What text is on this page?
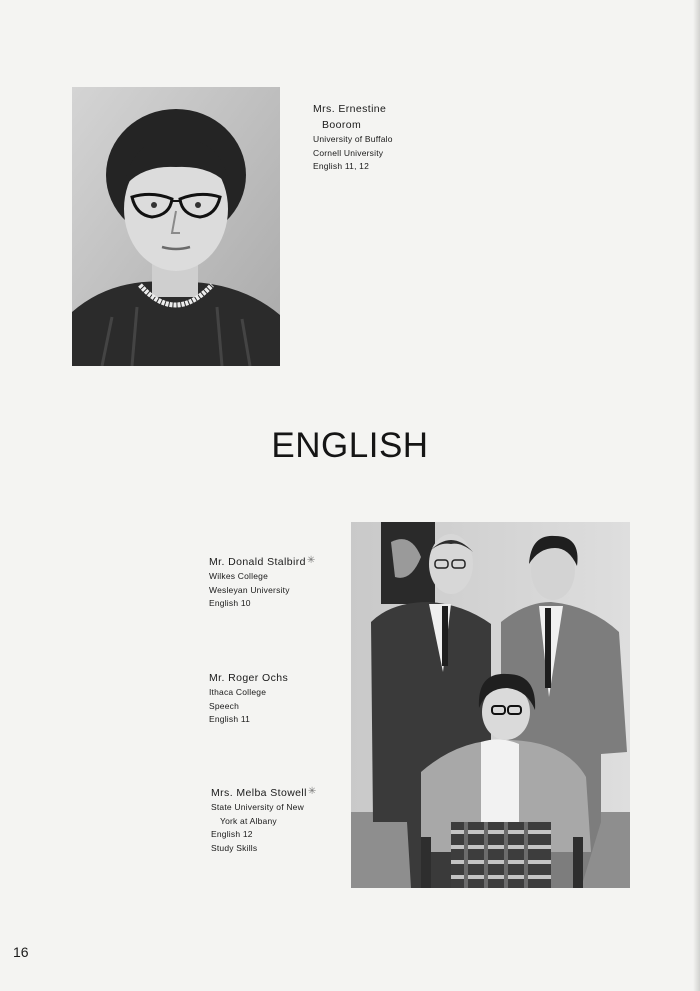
Mrs. Ernestine
Boorom
University of Buffalo
Cornell University
English 11, 12
ENGLISH
Mr. Donald Stalbird✳
Wilkes College
Wesleyan University
English 10
Mr. Roger Ochs
Ithaca College
Speech
English 11
Mrs. Melba Stowell✳
State University of New
York at Albany
English 12
Study Skills
16
